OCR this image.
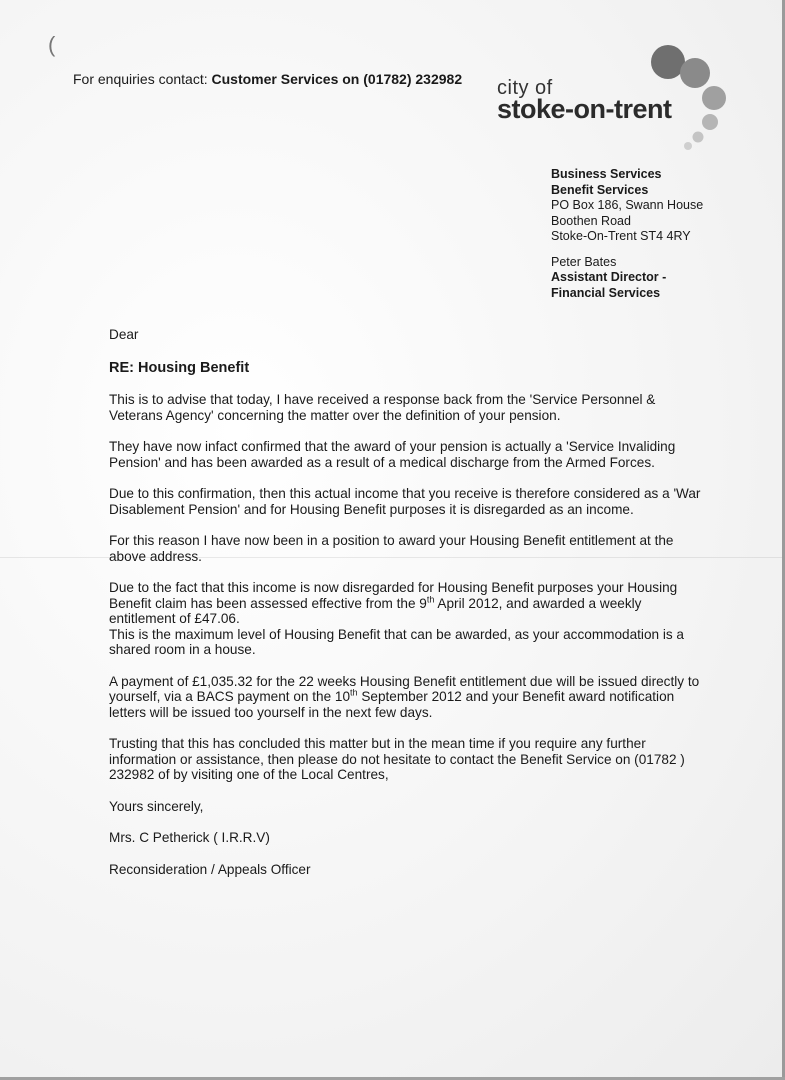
(
For enquiries contact: Customer Services on (01782) 232982 city of
stoke-on-trent
Business Services
Benefit Services
PO Box 186, Swann House
Boothen Road
Stoke-On-Trent ST4 4RY
Peter Bates
Assistant Director -
Financial Services

Dear

RE: Housing Benefit

This is to advise that today, I have received a response back from the 'Service Personnel & Veterans Agency' concerning the matter over the definition of your pension.

They have now infact confirmed that the award of your pension is actually a 'Service Invaliding Pension' and has been awarded as a result of a medical discharge from the Armed Forces.

Due to this confirmation, then this actual income that you receive is therefore considered as a 'War Disablement Pension' and for Housing Benefit purposes it is disregarded as an income.

For this reason I have now been in a position to award your Housing Benefit entitlement at the above address.

Due to the fact that this income is now disregarded for Housing Benefit purposes your Housing Benefit claim has been assessed effective from the 9th April 2012, and awarded a weekly entitlement of £47.06.
This is the maximum level of Housing Benefit that can be awarded, as your accommodation is a shared room in a house.

A payment of £1,035.32 for the 22 weeks Housing Benefit entitlement due will be issued directly to yourself, via a BACS payment on the 10th September 2012 and your Benefit award notification letters will be issued too yourself in the next few days.

Trusting that this has concluded this matter but in the mean time if you require any further information or assistance, then please do not hesitate to contact the Benefit Service on (01782 ) 232982 of by visiting one of the Local Centres,

Yours sincerely,

Mrs. C Petherick ( I.R.R.V)

Reconsideration / Appeals Officer
